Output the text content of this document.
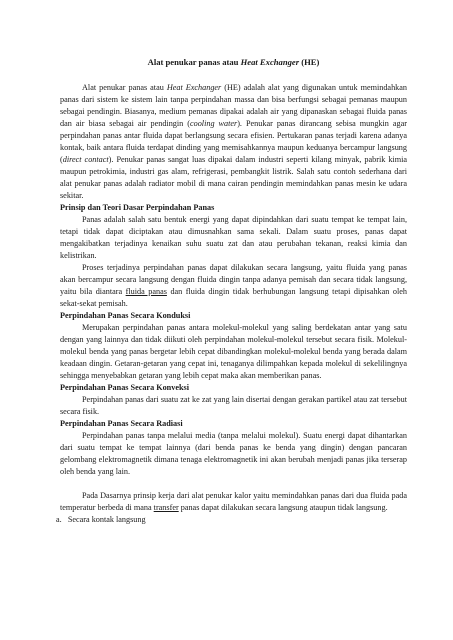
Alat penukar panas atau Heat Exchanger (HE)

Alat penukar panas atau Heat Exchanger (HE) adalah alat yang digunakan untuk memindahkan panas dari sistem ke sistem lain tanpa perpindahan massa dan bisa berfungsi sebagai pemanas maupun sebagai pendingin. Biasanya, medium pemanas dipakai adalah air yang dipanaskan sebagai fluida panas dan air biasa sebagai air pendingin (cooling water). Penukar panas dirancang sebisa mungkin agar perpindahan panas antar fluida dapat berlangsung secara efisien. Pertukaran panas terjadi karena adanya kontak, baik antara fluida terdapat dinding yang memisahkannya maupun keduanya bercampur langsung (direct contact). Penukar panas sangat luas dipakai dalam industri seperti kilang minyak, pabrik kimia maupun petrokimia, industri gas alam, refrigerasi, pembangkit listrik. Salah satu contoh sederhana dari alat penukar panas adalah radiator mobil di mana cairan pendingin memindahkan panas mesin ke udara sekitar.

Prinsip dan Teori Dasar Perpindahan Panas

Panas adalah salah satu bentuk energi yang dapat dipindahkan dari suatu tempat ke tempat lain, tetapi tidak dapat diciptakan atau dimusnahkan sama sekali. Dalam suatu proses, panas dapat mengakibatkan terjadinya kenaikan suhu suatu zat dan atau perubahan tekanan, reaksi kimia dan kelistrikan.

Proses terjadinya perpindahan panas dapat dilakukan secara langsung, yaitu fluida yang panas akan bercampur secara langsung dengan fluida dingin tanpa adanya pemisah dan secara tidak langsung, yaitu bila diantara fluida panas dan fluida dingin tidak berhubungan langsung tetapi dipisahkan oleh sekat-sekat pemisah.

Perpindahan Panas Secara Konduksi

Merupakan perpindahan panas antara molekul-molekul yang saling berdekatan antar yang satu dengan yang lainnya dan tidak diikuti oleh perpindahan molekul-molekul tersebut secara fisik. Molekul-molekul benda yang panas bergetar lebih cepat dibandingkan molekul-molekul benda yang berada dalam keadaan dingin. Getaran-getaran yang cepat ini, tenaganya dilimpahkan kepada molekul di sekelilingnya sehingga menyebabkan getaran yang lebih cepat maka akan memberikan panas.

Perpindahan Panas Secara Konveksi

Perpindahan panas dari suatu zat ke zat yang lain disertai dengan gerakan partikel atau zat tersebut secara fisik.

Perpindahan Panas Secara Radiasi

Perpindahan panas tanpa melalui media (tanpa melalui molekul). Suatu energi dapat dihantarkan dari suatu tempat ke tempat lainnya (dari benda panas ke benda yang dingin) dengan pancaran gelombang elektromagnetik dimana tenaga elektromagnetik ini akan berubah menjadi panas jika terserap oleh benda yang lain.

Pada Dasarnya prinsip kerja dari alat penukar kalor yaitu memindahkan panas dari dua fluida pada temperatur berbeda di mana transfer panas dapat dilakukan secara langsung ataupun tidak langsung.

a. Secara kontak langsung
